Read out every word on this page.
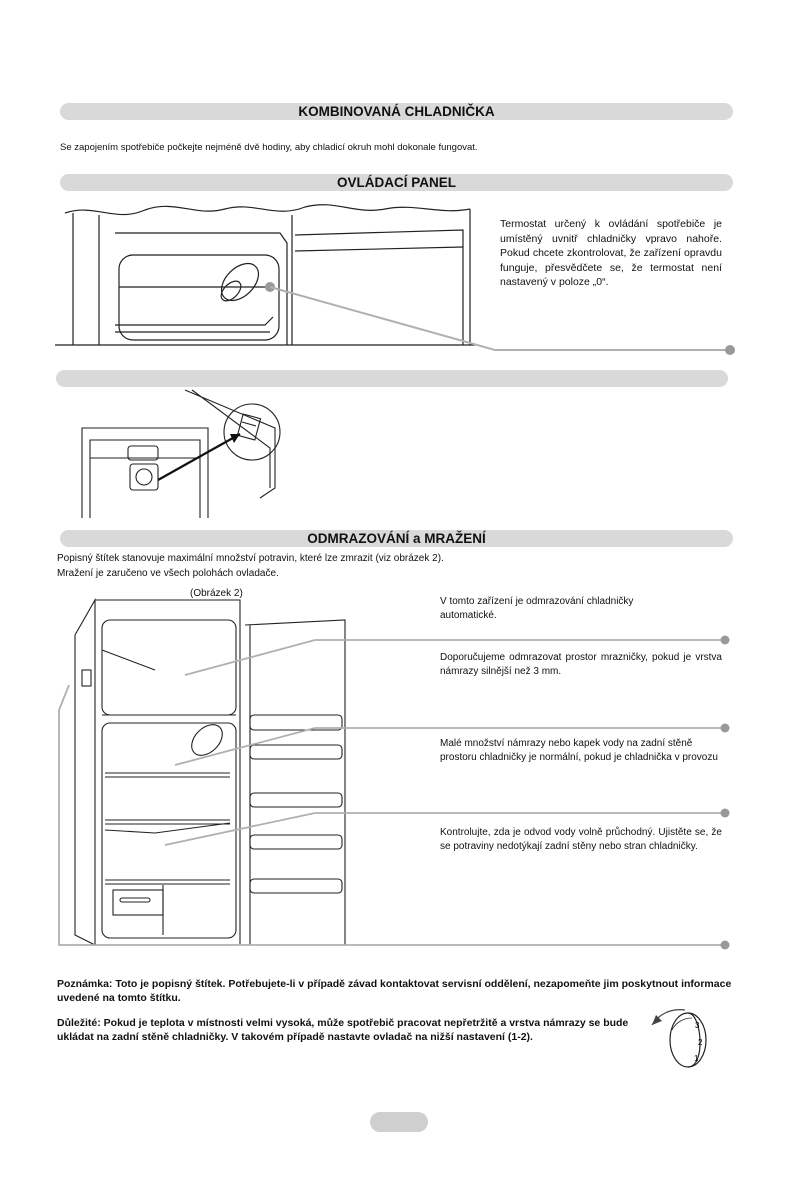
KOMBINOVANÁ CHLADNIČKA
Se zapojením spotřebiče počkejte nejméně dvě hodiny, aby chladicí okruh mohl dokonale fungovat.
OVLÁDACÍ PANEL
Termostat určený k ovládání spotřebiče je umístěný uvnitř chladničky vpravo nahoře. Pokud chcete zkontrolovat, že zařízení opravdu funguje, přesvědčete se, že termostat není nastavený v poloze „0“.
ODMRAZOVÁNÍ a MRAŽENÍ
Popisný štítek stanovuje maximální množství potravin, které lze zmrazit (viz obrázek 2).
Mražení je zaručeno ve všech polohách ovladače.
(Obrázek 2)
V tomto zařízení je odmrazování chladničky automatické.
Doporučujeme odmrazovat prostor mrazničky, pokud je vrstva námrazy silnější než 3 mm.
Malé množství námrazy nebo kapek vody na zadní stěně prostoru chladničky je normální, pokud je chladnička v provozu
Kontrolujte, zda je odvod vody volně průchodný. Ujistěte se, že se potraviny nedotýkají zadní stěny nebo stran chladničky.
Poznámka: Toto je popisný štítek. Potřebujete-li v případě závad kontaktovat servisní oddělení, nezapomeňte jim poskytnout informace uvedené na tomto štítku.
Důležité: Pokud je teplota v místnosti velmi vysoká, může spotřebič pracovat nepřetržitě a vrstva námrazy se bude ukládat na zadní stěně chladničky. V takovém případě nastavte ovladač na nižší nastavení (1-2).
3
2
1
